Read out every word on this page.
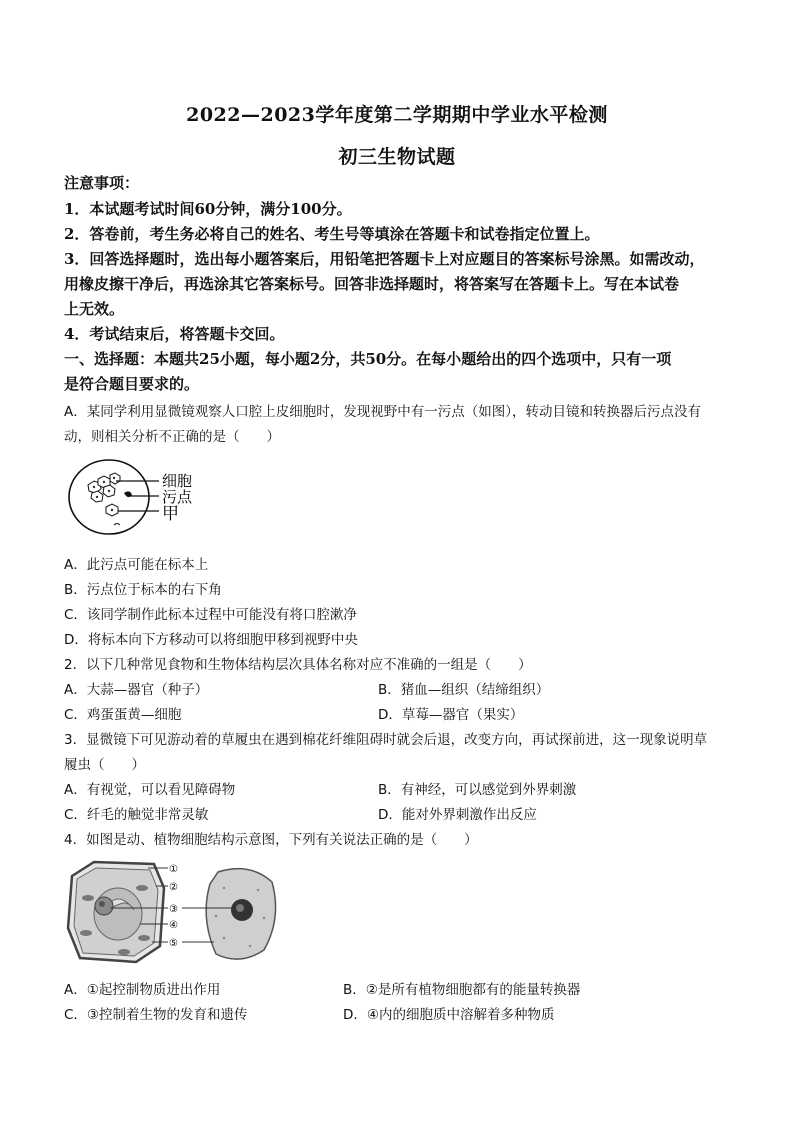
2022—2023学年度第二学期期中学业水平检测
初三生物试题
注意事项：
1．本试题考试时间60分钟，满分100分。
2．答卷前，考生务必将自己的姓名、考生号等填涂在答题卡和试卷指定位置上。
3．回答选择题时，选出每小题答案后，用铅笔把答题卡上对应题目的答案标号涂黑。如需改动，
用橡皮擦干净后，再选涂其它答案标号。回答非选择题时，将答案写在答题卡上。写在本试卷
上无效。
4．考试结束后，将答题卡交回。
一、选择题：本题共25小题，每小题2分，共50分。在每小题给出的四个选项中，只有一项
是符合题目要求的。
A．某同学利用显微镜观察人口腔上皮细胞时，发现视野中有一污点（如图），转动目镜和转换器后污点没有
动，则相关分析不正确的是（　　）
细胞
污点
甲
A．此污点可能在标本上
B．污点位于标本的右下角
C．该同学制作此标本过程中可能没有将口腔漱净
D．将标本向下方移动可以将细胞甲移到视野中央
2．以下几种常见食物和生物体结构层次具体名称对应不准确的一组是（　　）
A．大蒜—器官（种子）	B．猪血—组织（结缔组织）
C．鸡蛋蛋黄—细胞	D．草莓—器官（果实）
3．显微镜下可见游动着的草履虫在遇到棉花纤维阻碍时就会后退，改变方向，再试探前进，这一现象说明草
履虫（　　）
A．有视觉，可以看见障碍物	B．有神经，可以感觉到外界刺激
C．纤毛的触觉非常灵敏	D．能对外界刺激作出反应
4．如图是动、植物细胞结构示意图，下列有关说法正确的是（　　）
①
②
③
④
⑤
A．①起控制物质进出作用	B．②是所有植物细胞都有的能量转换器
C．③控制着生物的发育和遗传	D．④内的细胞质中溶解着多种物质
